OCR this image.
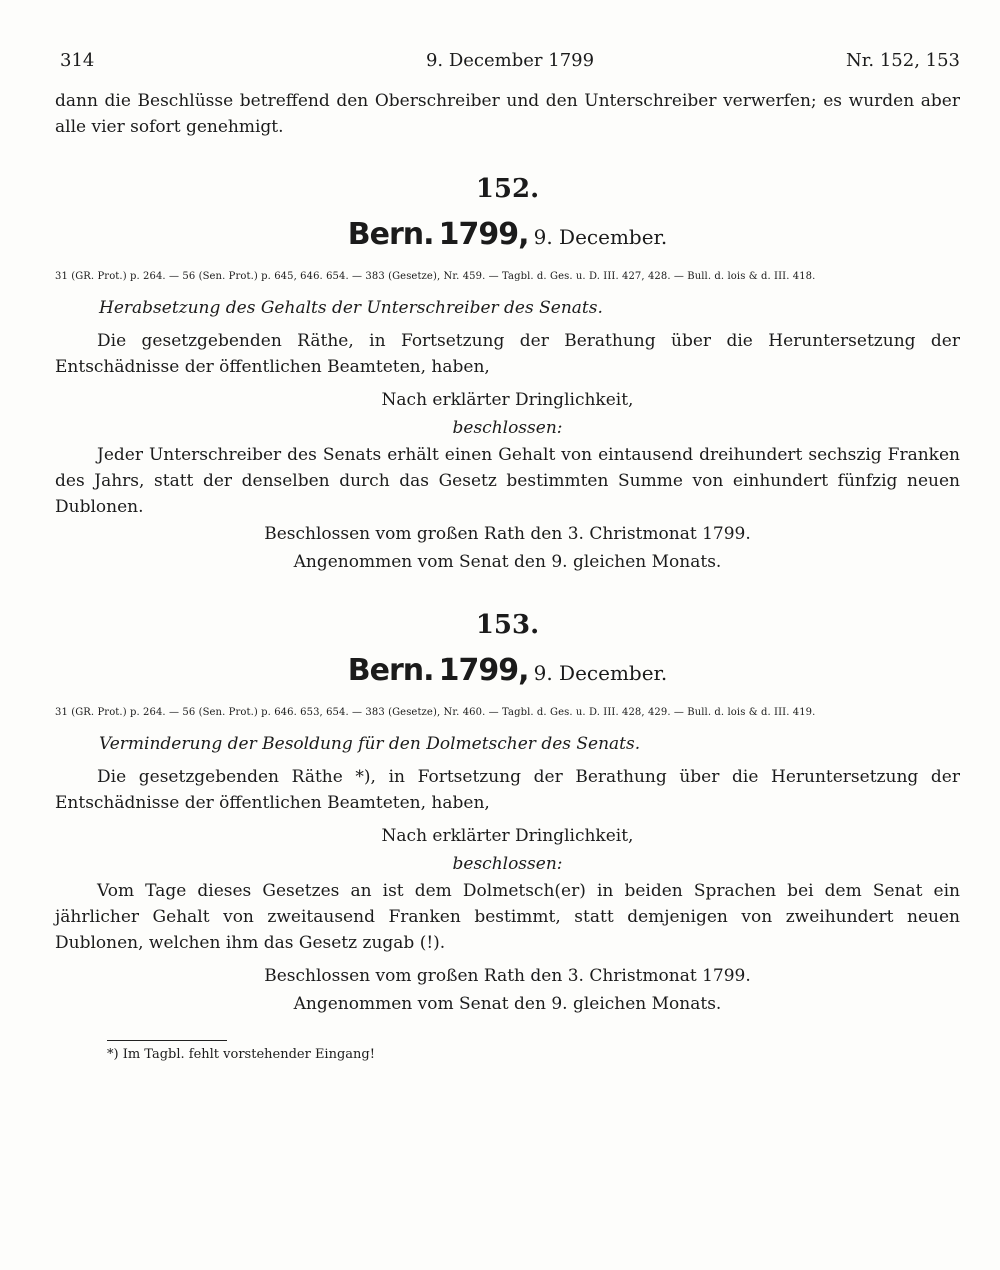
314	9. December 1799	Nr. 152, 153

dann die Beschlüsse betreffend den Oberschreiber und den Unterschreiber verwerfen; es wurden aber alle vier sofort genehmigt.

152.
Bern. 1799, 9. December.
31 (GR. Prot.) p. 264. — 56 (Sen. Prot.) p. 645, 646. 654. — 383 (Gesetze), Nr. 459. — Tagbl. d. Ges. u. D. III. 427, 428. — Bull. d. lois & d. III. 418.
Herabsetzung des Gehalts der Unterschreiber des Senats.

Die gesetzgebenden Räthe, in Fortsetzung der Berathung über die Heruntersetzung der Entschädnisse der öffentlichen Beamteten, haben,

Nach erklärter Dringlichkeit,
beschlossen:

Jeder Unterschreiber des Senats erhält einen Gehalt von eintausend dreihundert sechszig Franken des Jahrs, statt der denselben durch das Gesetz bestimmten Summe von einhundert fünfzig neuen Dublonen.

Beschlossen vom großen Rath den 3. Christmonat 1799.
Angenommen vom Senat den 9. gleichen Monats.
153.
Bern. 1799, 9. December.
31 (GR. Prot.) p. 264. — 56 (Sen. Prot.) p. 646. 653, 654. — 383 (Gesetze), Nr. 460. — Tagbl. d. Ges. u. D. III. 428, 429. — Bull. d. lois & d. III. 419.
Verminderung der Besoldung für den Dolmetscher des Senats.

Die gesetzgebenden Räthe *), in Fortsetzung der Berathung über die Heruntersetzung der Entschädnisse der öffentlichen Beamteten, haben,

Nach erklärter Dringlichkeit,
beschlossen:

Vom Tage dieses Gesetzes an ist dem Dolmetsch(er) in beiden Sprachen bei dem Senat ein jährlicher Gehalt von zweitausend Franken bestimmt, statt demjenigen von zweihundert neuen Dublonen, welchen ihm das Gesetz zugab (!).

Beschlossen vom großen Rath den 3. Christmonat 1799.
Angenommen vom Senat den 9. gleichen Monats.
*) Im Tagbl. fehlt vorstehender Eingang!
